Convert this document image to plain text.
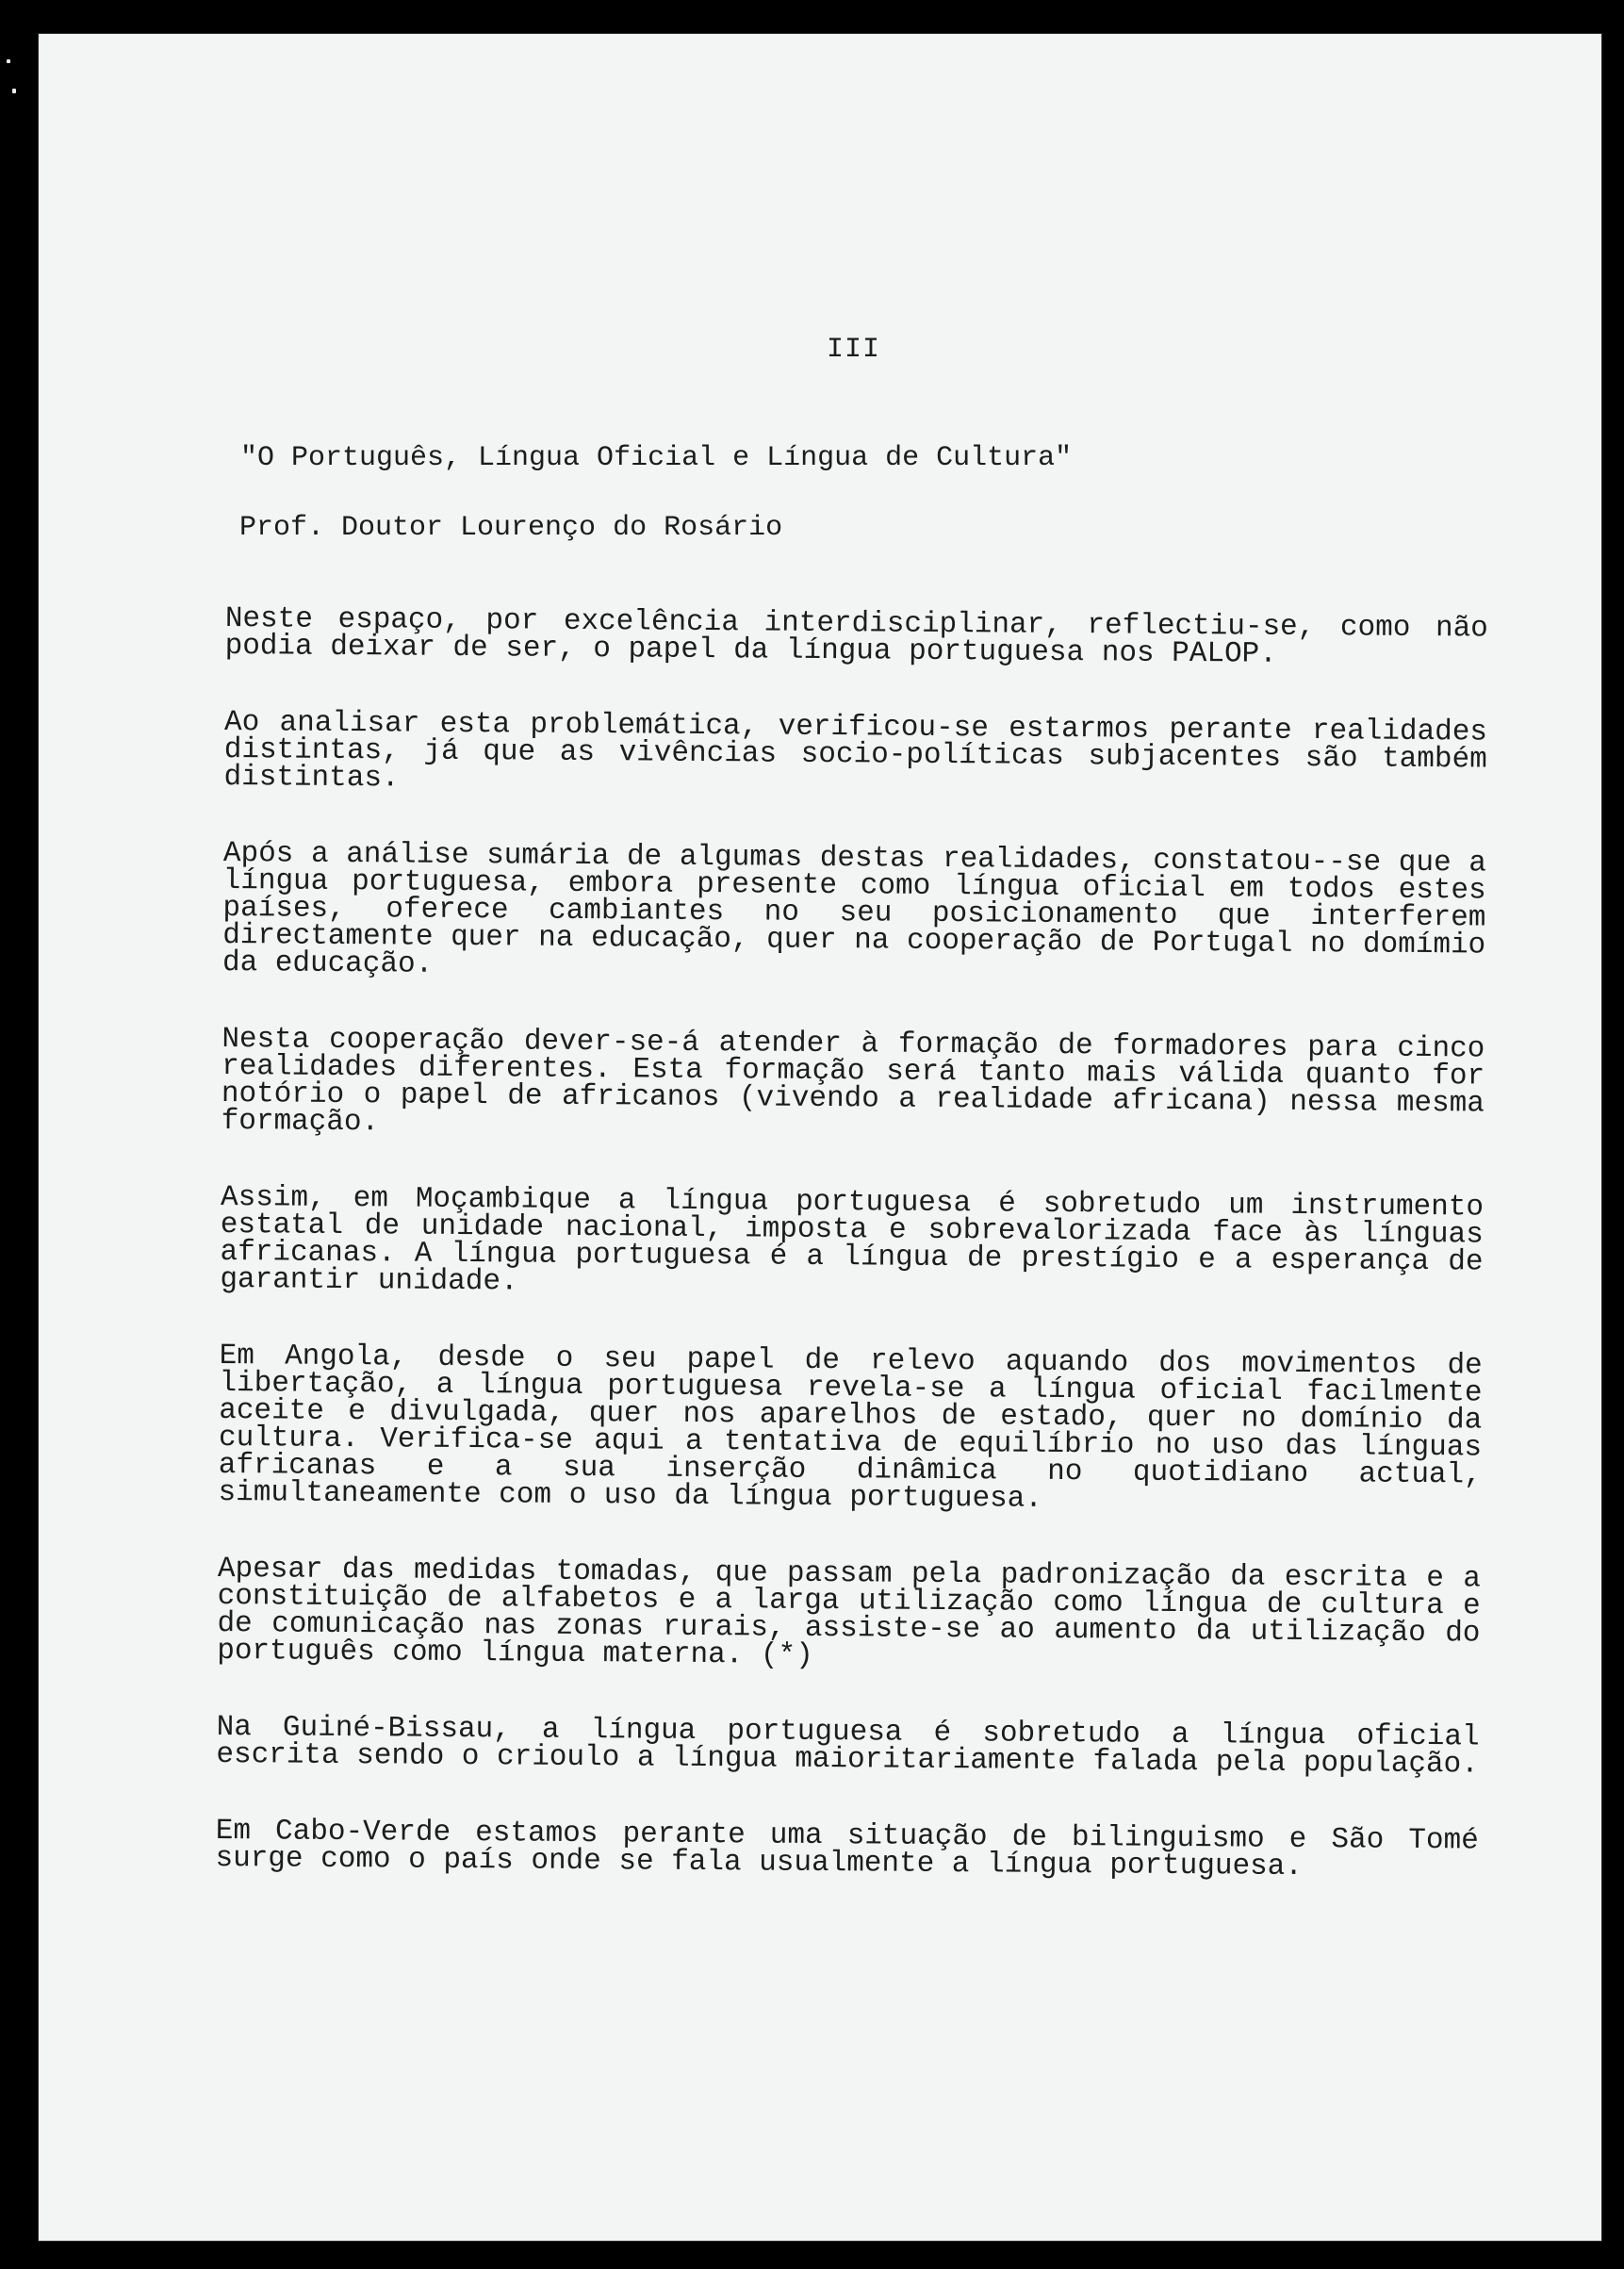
III
"O Português, Língua Oficial e Língua de Cultura"
Prof. Doutor Lourenço do Rosário

Neste espaço, por excelência interdisciplinar, reflectiu-se, como não podia deixar de ser, o papel da língua portuguesa nos PALOP.

Ao analisar esta problemática, verificou-se estarmos perante realidades distintas, já que as vivências socio-políticas subjacentes são também distintas.

Após a análise sumária de algumas destas realidades, constatou--se que a língua portuguesa, embora presente como língua oficial em todos estes países, oferece cambiantes no seu posicionamento que interferem directamente quer na educação, quer na cooperação de Portugal no domímio da educação.

Nesta cooperação dever-se-á atender à formação de formadores para cinco realidades diferentes. Esta formação será tanto mais válida quanto for notório o papel de africanos (vivendo a realidade africana) nessa mesma formação.

Assim, em Moçambique a língua portuguesa é sobretudo um instrumento estatal de unidade nacional, imposta e sobrevalorizada face às línguas africanas. A língua portuguesa é a língua de prestígio e a esperança de garantir unidade.

Em Angola, desde o seu papel de relevo aquando dos movimentos de libertação, a língua portuguesa revela-se a língua oficial facilmente aceite e divulgada, quer nos aparelhos de estado, quer no domínio da cultura. Verifica-se aqui a tentativa de equilíbrio no uso das línguas africanas e a sua inserção dinâmica no quotidiano actual, simultaneamente com o uso da língua portuguesa.

Apesar das medidas tomadas, que passam pela padronização da escrita e a constituição de alfabetos e a larga utilização como língua de cultura e de comunicação nas zonas rurais, assiste-se ao aumento da utilização do português como língua materna. (*)

Na Guiné-Bissau, a língua portuguesa é sobretudo a língua oficial escrita sendo o crioulo a língua maioritariamente falada pela população.

Em Cabo-Verde estamos perante uma situação de bilinguismo e São Tomé surge como o país onde se fala usualmente a língua portuguesa.
